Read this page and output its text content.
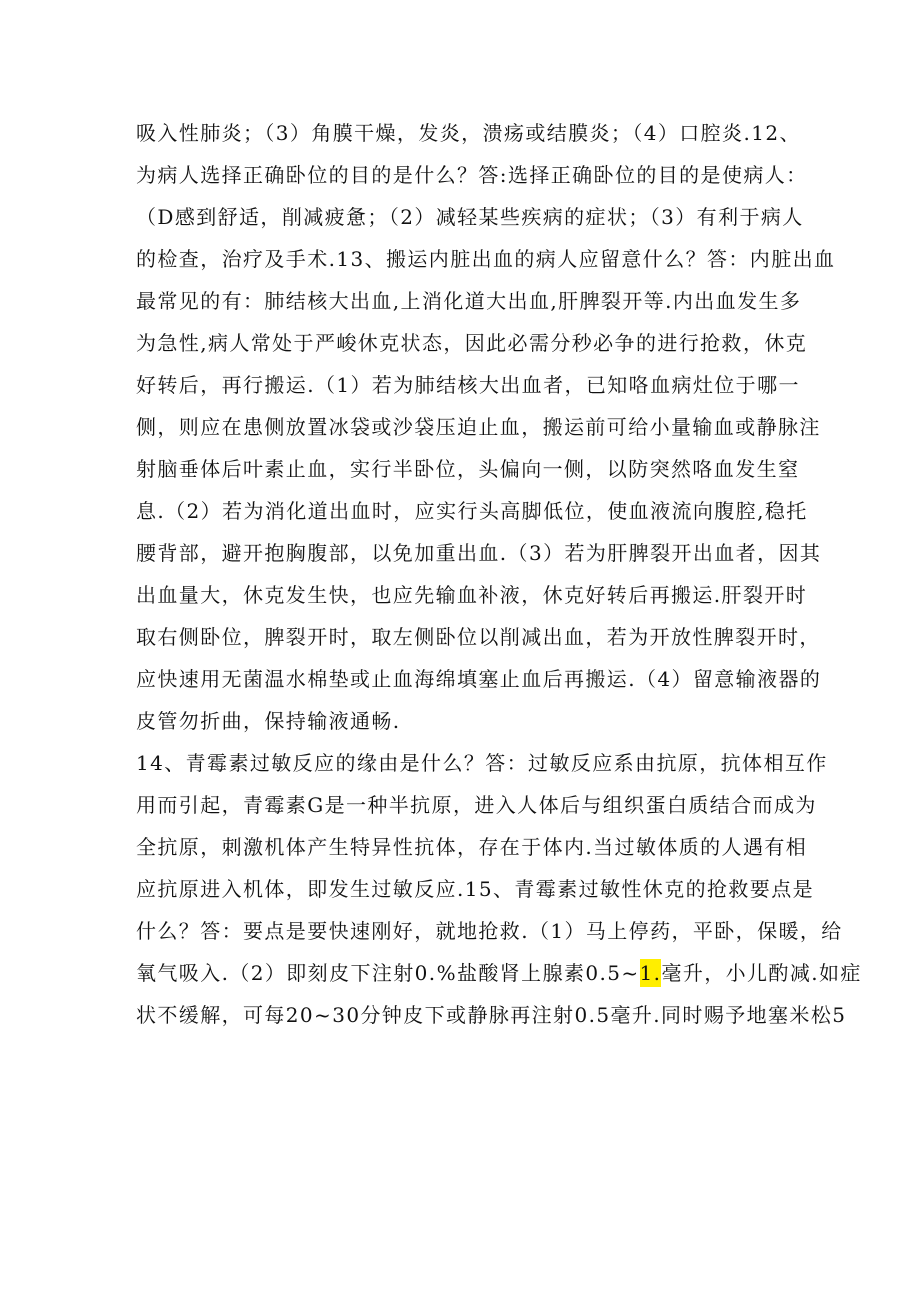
吸入性肺炎；（3）角膜干燥，发炎，溃疡或结膜炎；（4）口腔炎.12、
为病人选择正确卧位的目的是什么？答:选择正确卧位的目的是使病人：
（D感到舒适，削减疲惫；（2）减轻某些疾病的症状；（3）有利于病人
的检查，治疗及手术.13、搬运内脏出血的病人应留意什么？答：内脏出血
最常见的有：肺结核大出血,上消化道大出血,肝脾裂开等.内出血发生多
为急性,病人常处于严峻休克状态，因此必需分秒必争的进行抢救，休克
好转后，再行搬运.（1）若为肺结核大出血者，已知咯血病灶位于哪一
侧，则应在患侧放置冰袋或沙袋压迫止血，搬运前可给小量输血或静脉注
射脑垂体后叶素止血，实行半卧位，头偏向一侧，以防突然咯血发生窒
息.（2）若为消化道出血时，应实行头高脚低位，使血液流向腹腔,稳托
腰背部，避开抱胸腹部，以免加重出血.（3）若为肝脾裂开出血者，因其
出血量大，休克发生快，也应先输血补液，休克好转后再搬运.肝裂开时
取右侧卧位，脾裂开时，取左侧卧位以削减出血，若为开放性脾裂开时，
应快速用无菌温水棉垫或止血海绵填塞止血后再搬运.（4）留意输液器的
皮管勿折曲，保持输液通畅.
14、青霉素过敏反应的缘由是什么？答：过敏反应系由抗原，抗体相互作
用而引起，青霉素G是一种半抗原，进入人体后与组织蛋白质结合而成为
全抗原，刺激机体产生特异性抗体，存在于体内.当过敏体质的人遇有相
应抗原进入机体，即发生过敏反应.15、青霉素过敏性休克的抢救要点是
什么？答：要点是要快速刚好，就地抢救.（1）马上停药，平卧，保暖，给
氧气吸入.（2）即刻皮下注射0.%盐酸肾上腺素0.5~1.毫升，小儿酌减.如症
状不缓解，可每20~30分钟皮下或静脉再注射0.5毫升.同时赐予地塞米松5
